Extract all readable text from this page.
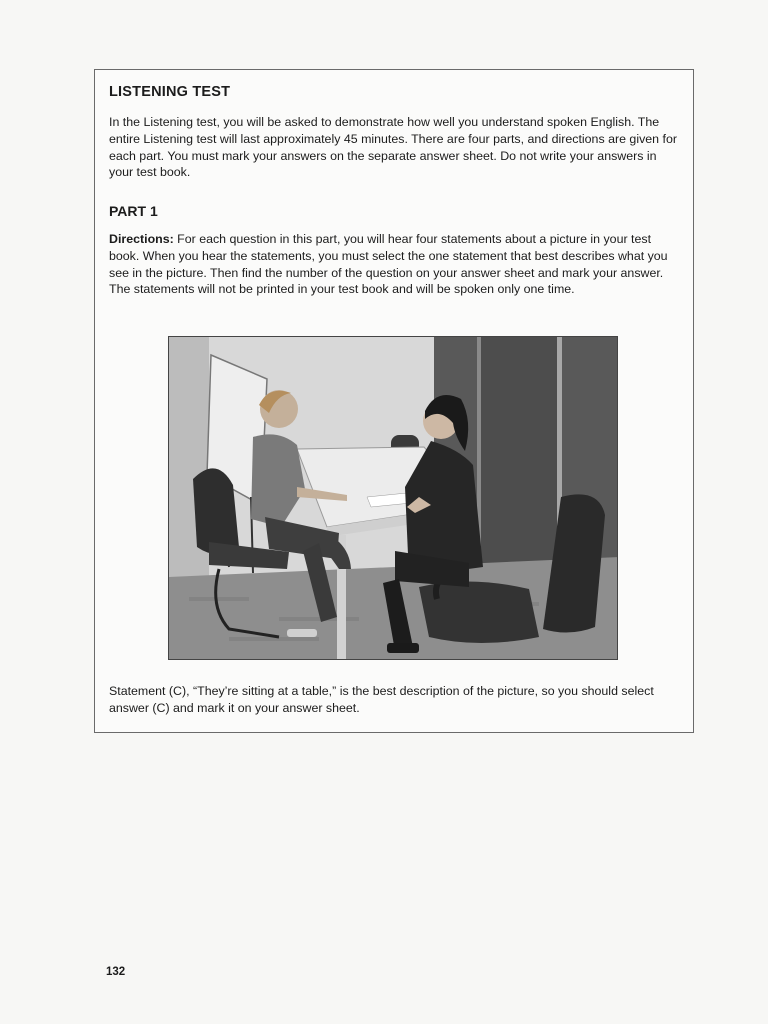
LISTENING TEST
In the Listening test, you will be asked to demonstrate how well you understand spoken English. The entire Listening test will last approximately 45 minutes. There are four parts, and directions are given for each part. You must mark your answers on the separate answer sheet. Do not write your answers in your test book.
PART 1
Directions: For each question in this part, you will hear four statements about a picture in your test book. When you hear the statements, you must select the one statement that best describes what you see in the picture. Then find the number of the question on your answer sheet and mark your answer. The statements will not be printed in your test book and will be spoken only one time.
Statement (C), “They’re sitting at a table,” is the best description of the picture, so you should select answer (C) and mark it on your answer sheet.
132
